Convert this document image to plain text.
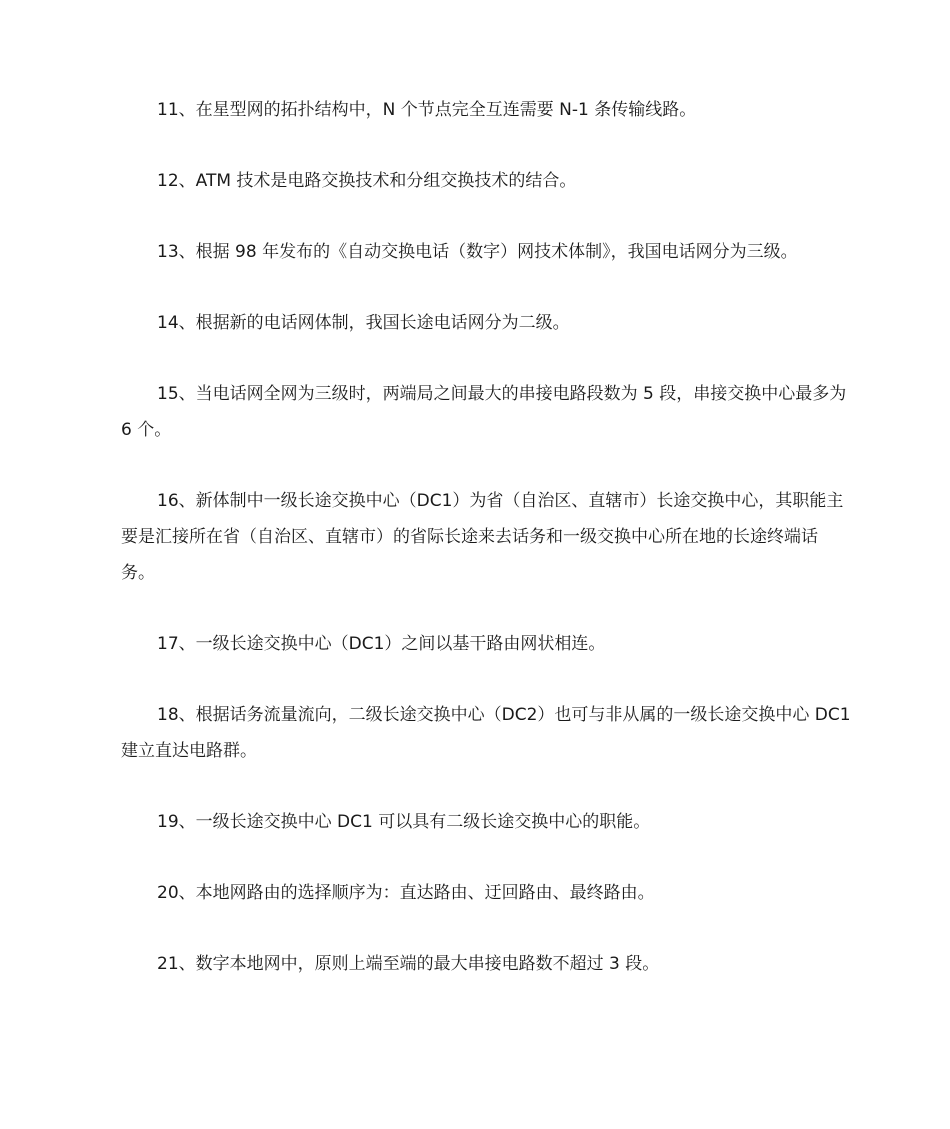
11、在星型网的拓扑结构中，N 个节点完全互连需要 N-1 条传输线路。

12、ATM 技术是电路交换技术和分组交换技术的结合。

13、根据 98 年发布的《自动交换电话（数字）网技术体制》，我国电话网分为三级。

14、根据新的电话网体制，我国长途电话网分为二级。

15、当电话网全网为三级时，两端局之间最大的串接电路段数为 5 段，串接交换中心最多为 6 个。

16、新体制中一级长途交换中心（DC1）为省（自治区、直辖市）长途交换中心，其职能主要是汇接所在省（自治区、直辖市）的省际长途来去话务和一级交换中心所在地的长途终端话务。

17、一级长途交换中心（DC1）之间以基干路由网状相连。

18、根据话务流量流向，二级长途交换中心（DC2）也可与非从属的一级长途交换中心 DC1 建立直达电路群。

19、一级长途交换中心 DC1 可以具有二级长途交换中心的职能。

20、本地网路由的选择顺序为：直达路由、迂回路由、最终路由。

21、数字本地网中，原则上端至端的最大串接电路数不超过 3 段。
